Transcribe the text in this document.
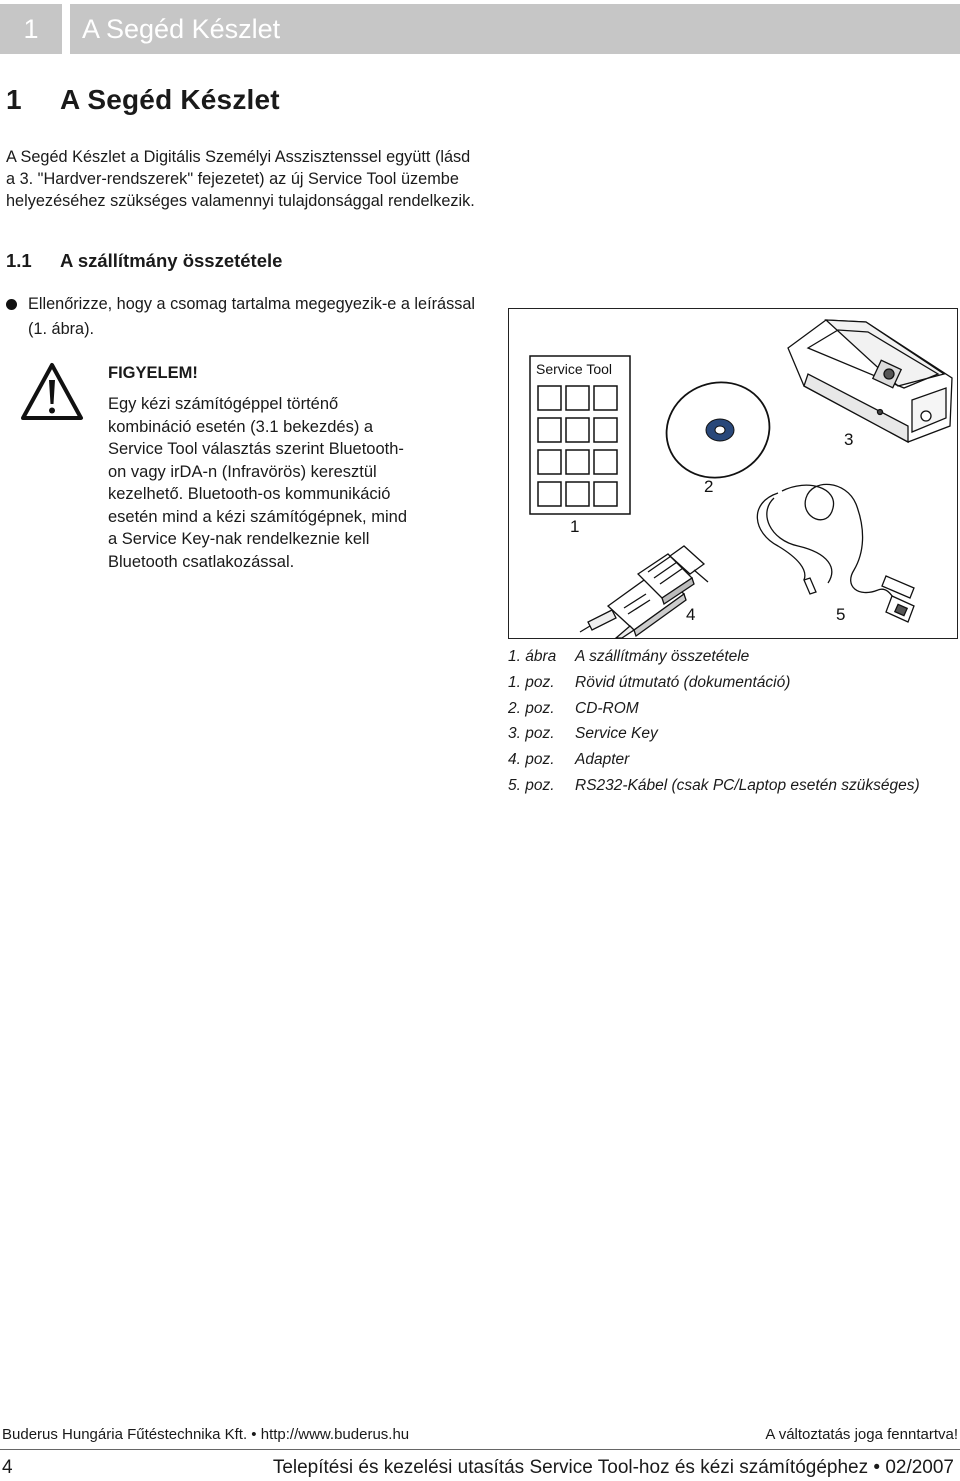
1 A Segéd Készlet
1 A Segéd Készlet

A Segéd Készlet a Digitális Személyi Asszisztenssel együtt (lásd a 3. "Hardver-rendszerek" fejezetet) az új Service Tool üzembe helyezéséhez szükséges valamennyi tulajdonsággal rendelkezik.

1.1 A szállítmány összetétele
Ellenőrizze, hogy a csomag tartalma megegyezik-e a leírással (1. ábra).
FIGYELEM!
Egy kézi számítógéppel történő
kombináció esetén (3.1 bekezdés) a
Service Tool választás szerint Bluetooth-
on vagy irDA-n (Infravörös) keresztül
kezelhető. Bluetooth-os kommunikáció
esetén mind a kézi számítógépnek, mind
a Service Key-nak rendelkeznie kell
Bluetooth csatlakozással.
Service Tool
1
2
3
4	5
1. ábra	A szállítmány összetétele
1. poz.	Rövid útmutató (dokumentáció)
2. poz.	CD-ROM
3. poz.	Service Key
4. poz.	Adapter
5. poz.	RS232-Kábel (csak PC/Laptop esetén szükséges)
Buderus Hungária Fűtéstechnika Kft. • http://www.buderus.hu	A változtatás joga fenntartva!
4	Telepítési és kezelési utasítás Service Tool-hoz és kézi számítógéphez • 02/2007
